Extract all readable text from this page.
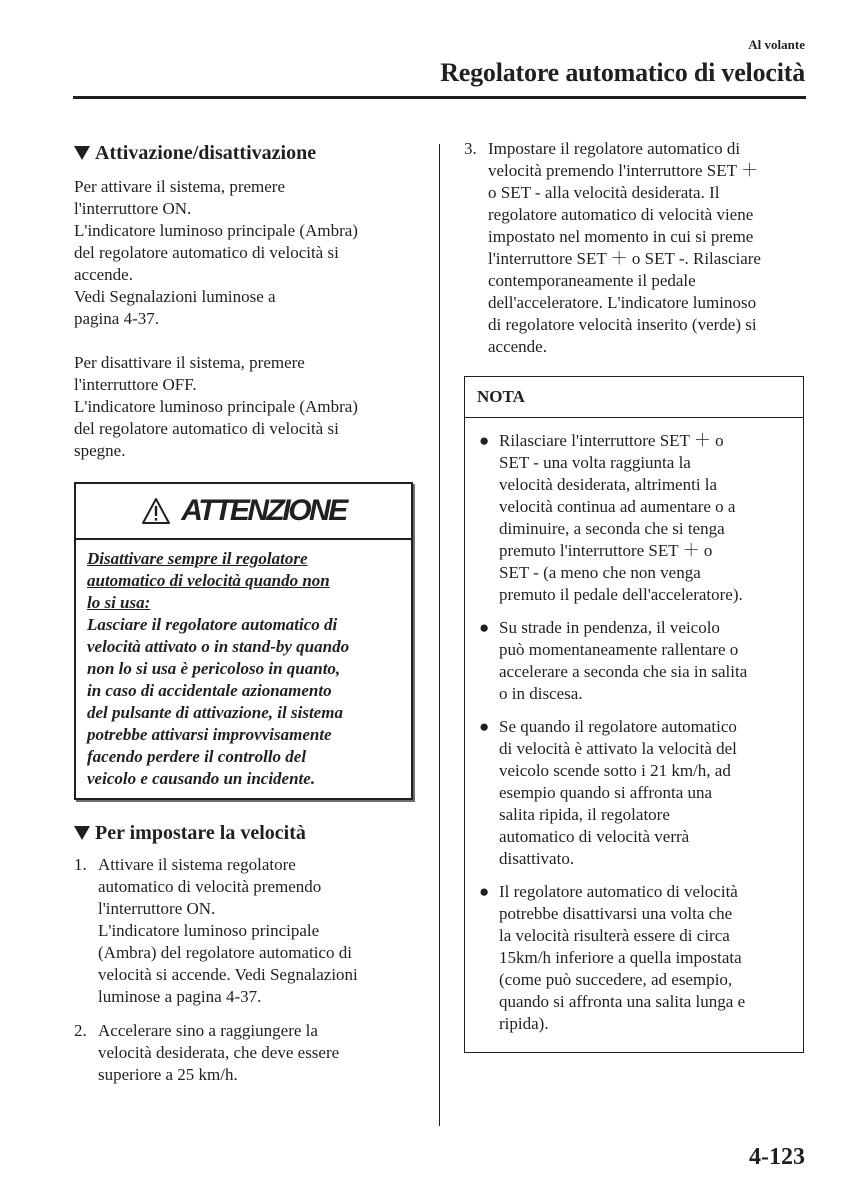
Al volante
Regolatore automatico di velocità
Attivazione/disattivazione
Per attivare il sistema, premere
l'interruttore ON.
L'indicatore luminoso principale (Ambra)
del regolatore automatico di velocità si
accende.
Vedi Segnalazioni luminose a
pagina 4-37.
Per disattivare il sistema, premere
l'interruttore OFF.
L'indicatore luminoso principale (Ambra)
del regolatore automatico di velocità si
spegne.
ATTENZIONE
Disattivare sempre il regolatore
automatico di velocità quando non
lo si usa:
Lasciare il regolatore automatico di
velocità attivato o in stand-by quando
non lo si usa è pericoloso in quanto,
in caso di accidentale azionamento
del pulsante di attivazione, il sistema
potrebbe attivarsi improvvisamente
facendo perdere il controllo del
veicolo e causando un incidente.
Per impostare la velocità
1. Attivare il sistema regolatore
automatico di velocità premendo
l'interruttore ON.
L'indicatore luminoso principale
(Ambra) del regolatore automatico di
velocità si accende. Vedi Segnalazioni
luminose a pagina 4-37.
2. Accelerare sino a raggiungere la
velocità desiderata, che deve essere
superiore a 25 km/h.
3. Impostare il regolatore automatico di
velocità premendo l'interruttore SET ＋
o SET - alla velocità desiderata. Il
regolatore automatico di velocità viene
impostato nel momento in cui si preme
l'interruttore SET ＋ o SET -. Rilasciare
contemporaneamente il pedale
dell'acceleratore. L'indicatore luminoso
di regolatore velocità inserito (verde) si
accende.
NOTA
● Rilasciare l'interruttore SET ＋ o
SET - una volta raggiunta la
velocità desiderata, altrimenti la
velocità continua ad aumentare o a
diminuire, a seconda che si tenga
premuto l'interruttore SET ＋ o
SET - (a meno che non venga
premuto il pedale dell'acceleratore).
● Su strade in pendenza, il veicolo
può momentaneamente rallentare o
accelerare a seconda che sia in salita
o in discesa.
● Se quando il regolatore automatico
di velocità è attivato la velocità del
veicolo scende sotto i 21 km/h, ad
esempio quando si affronta una
salita ripida, il regolatore
automatico di velocità verrà
disattivato.
● Il regolatore automatico di velocità
potrebbe disattivarsi una volta che
la velocità risulterà essere di circa
15km/h inferiore a quella impostata
(come può succedere, ad esempio,
quando si affronta una salita lunga e
ripida).
4-123
